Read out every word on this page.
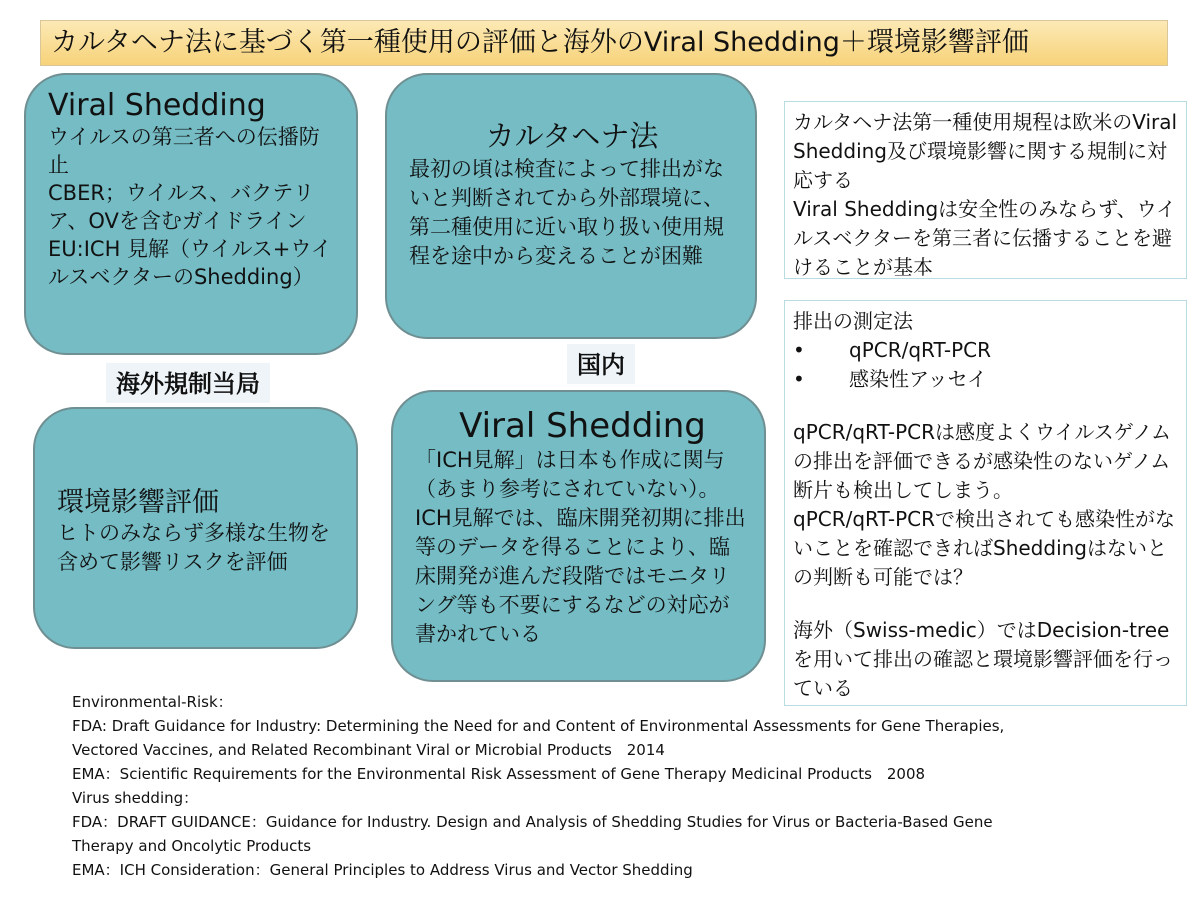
カルタヘナ法に基づく第一種使用の評価と海外のViral Shedding＋環境影響評価

Viral Shedding

ウイルスの第三者への伝播防止

CBER；ウイルス、バクテリア、OVを含むガイドライン

EU:ICH 見解（ウイルス+ウイルスベクターのShedding）

カルタヘナ法

最初の頃は検査によって排出がないと判断されてから外部環境に、第二種使用に近い取り扱い使用規程を途中から変えることが困難

海外規制当局
国内

環境影響評価

ヒトのみならず多様な生物を含めて影響リスクを評価

Viral Shedding

「ICH見解」は日本も作成に関与（あまり参考にされていない）。

ICH見解では、臨床開発初期に排出等のデータを得ることにより、臨床開発が進んだ段階ではモニタリング等も不要にするなどの対応が書かれている

カルタヘナ法第一種使用規程は欧米のViral Shedding及び環境影響に関する規制に対応する

Viral Sheddingは安全性のみならず、ウイルスベクターを第三者に伝播することを避けることが基本

排出の測定法

•	qPCR/qRT-PCR
•	感染性アッセイ

qPCR/qRT-PCRは感度よくウイルスゲノムの排出を評価できるが感染性のないゲノム断片も検出してしまう。

qPCR/qRT-PCRで検出されても感染性がないことを確認できればSheddingはないとの判断も可能では？

海外（Swiss-medic）ではDecision-treeを用いて排出の確認と環境影響評価を行っている

Environmental-Risk：

FDA: Draft Guidance for Industry: Determining the Need for and Content of Environmental Assessments for Gene Therapies,

Vectored Vaccines, and Related Recombinant Viral or Microbial Products　2014

EMA：Scientific Requirements for the Environmental Risk Assessment of Gene Therapy Medicinal Products　2008

Virus shedding：

FDA：DRAFT GUIDANCE：Guidance for Industry. Design and Analysis of Shedding Studies for Virus or Bacteria-Based Gene

Therapy and Oncolytic Products

EMA：ICH Consideration：General Principles to Address Virus and Vector Shedding
